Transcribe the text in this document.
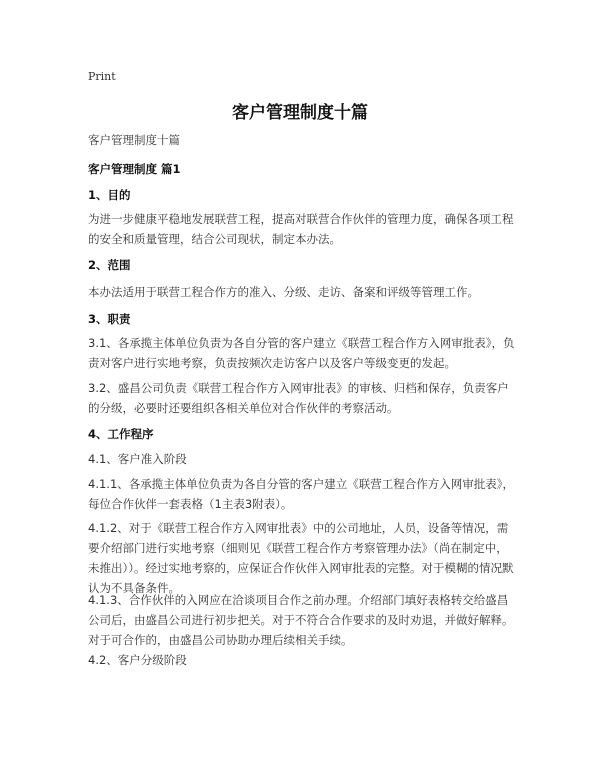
Print
客户管理制度十篇
客户管理制度十篇
客户管理制度 篇1
1、目的
为进一步健康平稳地发展联营工程，提高对联营合作伙伴的管理力度，确保各项工程的安全和质量管理，结合公司现状，制定本办法。
2、范围
本办法适用于联营工程合作方的准入、分级、走访、备案和评级等管理工作。
3、职责
3.1、各承揽主体单位负责为各自分管的客户建立《联营工程合作方入网审批表》，负责对客户进行实地考察，负责按频次走访客户以及客户等级变更的发起。
3.2、盛昌公司负责《联营工程合作方入网审批表》的审核、归档和保存，负责客户的分级，必要时还要组织各相关单位对合作伙伴的考察活动。
4、工作程序
4.1、客户准入阶段
4.1.1、各承揽主体单位负责为各自分管的客户建立《联营工程合作方入网审批表》，每位合作伙伴一套表格（1主表3附表）。
4.1.2、对于《联营工程合作方入网审批表》中的公司地址，人员，设备等情况，需要介绍部门进行实地考察（细则见《联营工程合作方考察管理办法》（尚在制定中，未推出））。经过实地考察的，应保证合作伙伴入网审批表的完整。对于模糊的情况默认为不具备条件。
4.1.3、合作伙伴的入网应在洽谈项目合作之前办理。介绍部门填好表格转交给盛昌公司后，由盛昌公司进行初步把关。对于不符合合作要求的及时劝退，并做好解释。对于可合作的，由盛昌公司协助办理后续相关手续。
4.2、客户分级阶段
